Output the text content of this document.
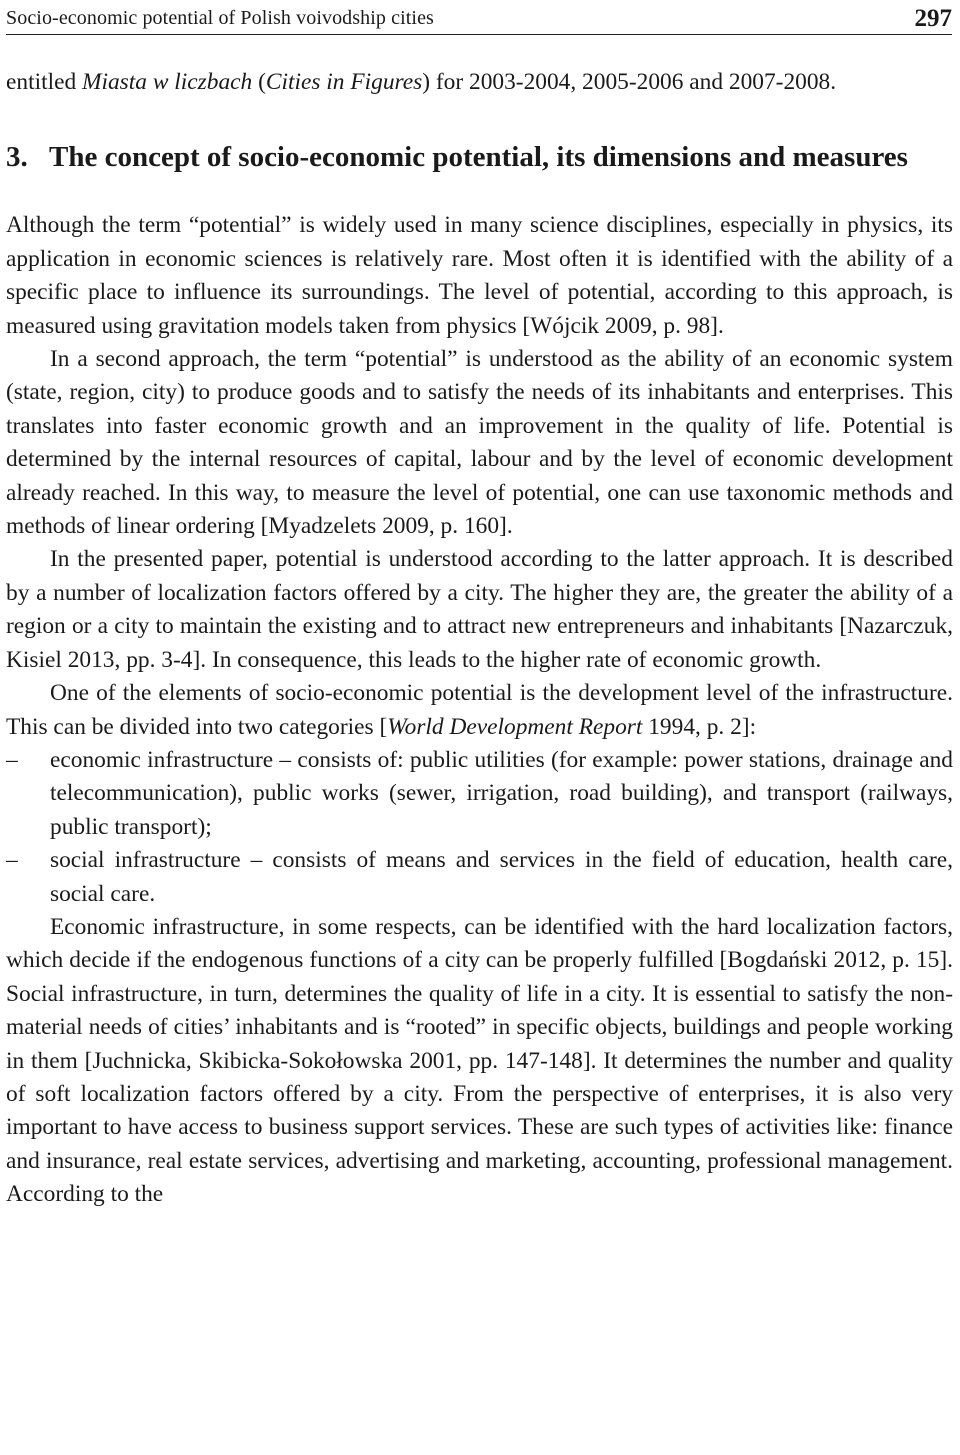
Socio-economic potential of Polish voivodship cities	297

entitled Miasta w liczbach (Cities in Figures) for 2003-2004, 2005-2006 and 2007-2008.

3. The concept of socio-economic potential, its dimensions and measures

Although the term “potential” is widely used in many science disciplines, especially in physics, its application in economic sciences is relatively rare. Most often it is identified with the ability of a specific place to influence its surroundings. The level of potential, according to this approach, is measured using gravitation models taken from physics [Wójcik 2009, p. 98].

In a second approach, the term “potential” is understood as the ability of an economic system (state, region, city) to produce goods and to satisfy the needs of its inhabitants and enterprises. This translates into faster economic growth and an improvement in the quality of life. Potential is determined by the internal resources of capital, labour and by the level of economic development already reached. In this way, to measure the level of potential, one can use taxonomic methods and methods of linear ordering [Myadzelets 2009, p. 160].

In the presented paper, potential is understood according to the latter approach. It is described by a number of localization factors offered by a city. The higher they are, the greater the ability of a region or a city to maintain the existing and to attract new entrepreneurs and inhabitants [Nazarczuk, Kisiel 2013, pp. 3-4]. In consequence, this leads to the higher rate of economic growth.

One of the elements of socio-economic potential is the development level of the infrastructure. This can be divided into two categories [World Development Report 1994, p. 2]:

–	economic infrastructure – consists of: public utilities (for example: power stations, drainage and telecommunication), public works (sewer, irrigation, road building), and transport (railways, public transport);
–	social infrastructure – consists of means and services in the field of education, health care, social care.

Economic infrastructure, in some respects, can be identified with the hard localization factors, which decide if the endogenous functions of a city can be properly fulfilled [Bogdański 2012, p. 15]. Social infrastructure, in turn, determines the quality of life in a city. It is essential to satisfy the non-material needs of cities’ inhabitants and is “rooted” in specific objects, buildings and people working in them [Juchnicka, Skibicka-Sokołowska 2001, pp. 147-148]. It determines the number and quality of soft localization factors offered by a city. From the perspective of enterprises, it is also very important to have access to business support services. These are such types of activities like: finance and insurance, real estate services, advertising and marketing, accounting, professional management. According to the
